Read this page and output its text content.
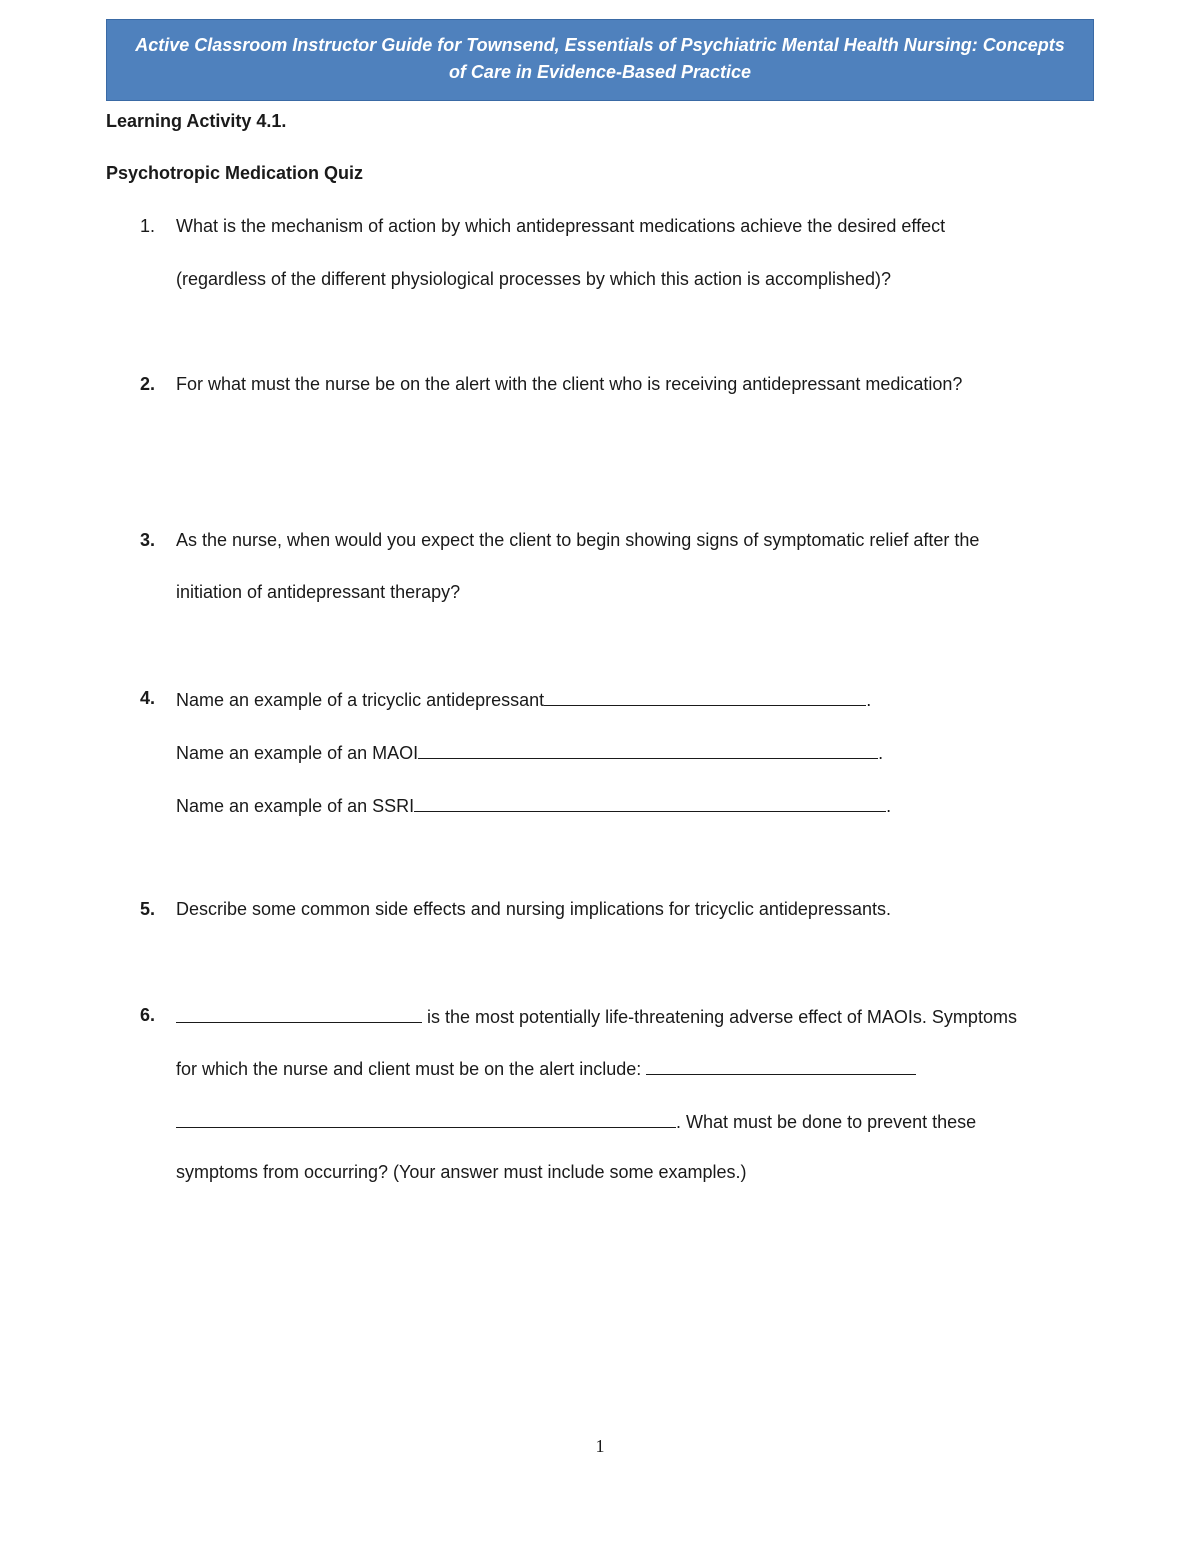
Active Classroom Instructor Guide for Townsend, Essentials of Psychiatric Mental Health Nursing: Concepts
of Care in Evidence-Based Practice
Learning Activity 4.1.
Psychotropic Medication Quiz
1. What is the mechanism of action by which antidepressant medications achieve the desired effect
(regardless of the different physiological processes by which this action is accomplished)?
2. For what must the nurse be on the alert with the client who is receiving antidepressant medication?
3. As the nurse, when would you expect the client to begin showing signs of symptomatic relief after the
initiation of antidepressant therapy?
4. Name an example of a tricyclic antidepressant	.
Name an example of an MAOI	.
Name an example of an SSRI	.
5. Describe some common side effects and nursing implications for tricyclic antidepressants.
6.	is the most potentially life-threatening adverse effect of MAOIs. Symptoms
for which the nurse and client must be on the alert include:
. What must be done to prevent these
symptoms from occurring? (Your answer must include some examples.)
1
